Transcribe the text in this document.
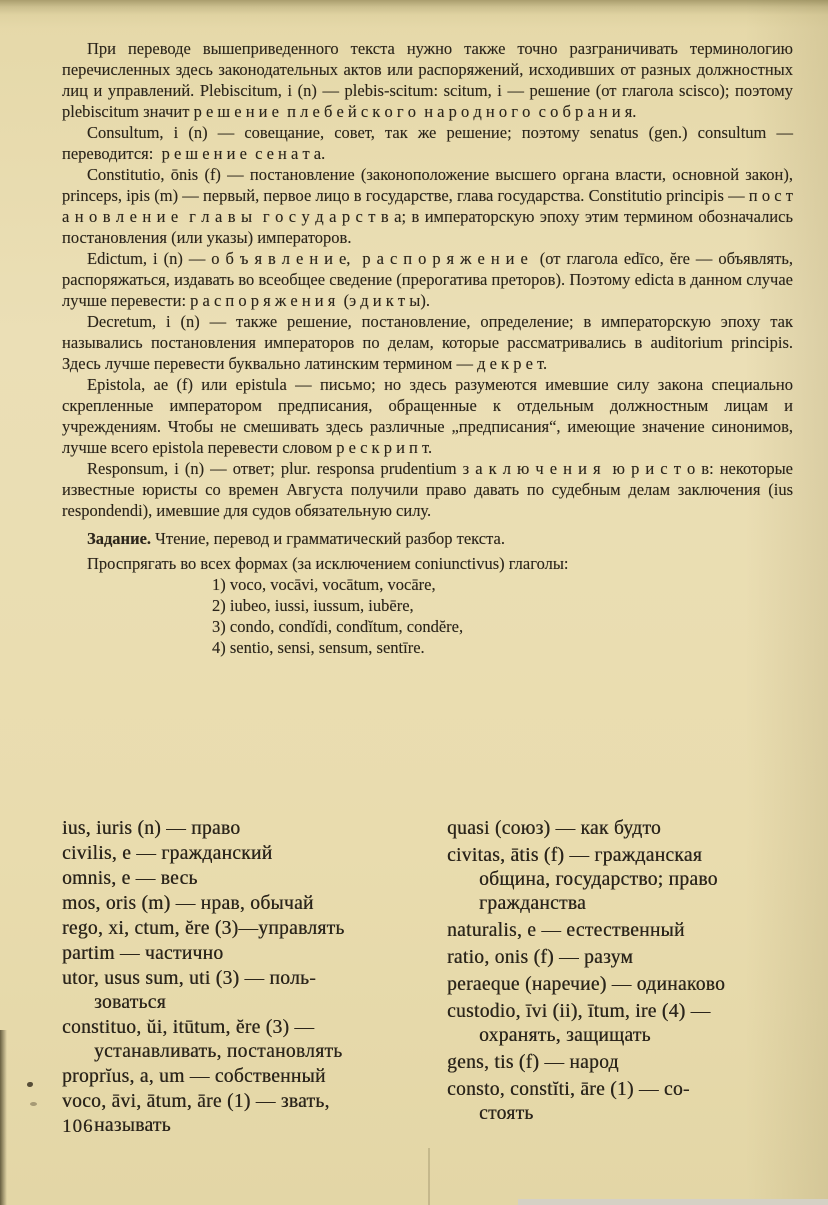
При переводе вышеприведенного текста нужно также точно разграничивать терминологию перечисленных здесь законодательных актов или распоряжений, исходивших от разных должностных лиц и управлений. Plebiscitum, i (n) — plebis-scitum: scitum, i — решение (от глагола scisco); поэтому plebiscitum значит р е ш е н и е  п л е б е й с к о г о  н а р о д н о г о  с о б р а н и я.

Consultum, i (n) — совещание, совет, так же решение; поэтому senatus (gen.) consultum — переводится:  р е ш е н и е  с е н а т а.

Constitutio, ōnis (f) — постановление (законоположение высшего органа власти, основной закон), princeps, ipis (m) — первый, первое лицо в государстве, глава государства. Constitutio principis — п о с т а н о в л е н и е  г л а в ы  г о с у д а р с т в а; в императорскую эпоху этим термином обозначались постановления (или указы) императоров.

Edictum, i (n) — о б ъ я в л е н и е,  р а с п о р я ж е н и е  (от глагола edīco, ĕre — объявлять, распоряжаться, издавать во всеобщее сведение (прерогатива преторов). Поэтому edicta в данном случае лучше перевести: р а с п о р я ж е н и я  (э д и к т ы).

Decretum, i (n) — также решение, постановление, определение; в императорскую эпоху так назывались постановления императоров по делам, которые рассматривались в auditorium principis. Здесь лучше перевести буквально латинским термином — д е к р е т.

Epistola, ae (f) или epistula — письмо; но здесь разумеются имевшие силу закона специально скрепленные императором предписания, обращенные к отдельным должностным лицам и учреждениям. Чтобы не смешивать здесь различные „предписания“, имеющие значение синонимов, лучше всего epistola перевести словом р е с к р и п т.

Responsum, i (n) — ответ; plur. responsa prudentium з а к л ю ч е н и я  ю р и с т о в: некоторые известные юристы со времен Августа получили право давать по судебным делам заключения (ius respondendi), имевшие для судов обязательную силу.

Задание. Чтение, перевод и грамматический разбор текста.

Проспрягать во всех формах (за исключением coniunctivus) глаголы:

1) voco, vocāvi, vocātum, vocāre,
2) iubeo, iussi, iussum, iubēre,
3) condo, condĭdi, condĭtum, condĕre,
4) sentio, sensi, sensum, sentīre.
ius, iuris (n) — право
civilis, e — гражданский
omnis, e — весь
mos, oris (m) — нрав, обычай
rego, xi, ctum, ĕre (3)—управлять
partim — частично
utor, usus sum, uti (3) — поль-
зоваться
constituo, ŭi, itūtum, ĕre (3) —
устанавливать, постановлять
proprĭus, a, um — собственный
voco, āvi, ātum, āre (1) — звать,
называть
quasi (союз) — как будто
civitas, ātis (f) — гражданская
община, государство; право
гражданства
naturalis, e — естественный
ratio, onis (f) — разум
peraeque (наречие) — одинаково
custodio, īvi (ii), ītum, ire (4) —
охранять, защищать
gens, tis (f) — народ
consto, constĭti, āre (1) — со-
стоять
106
